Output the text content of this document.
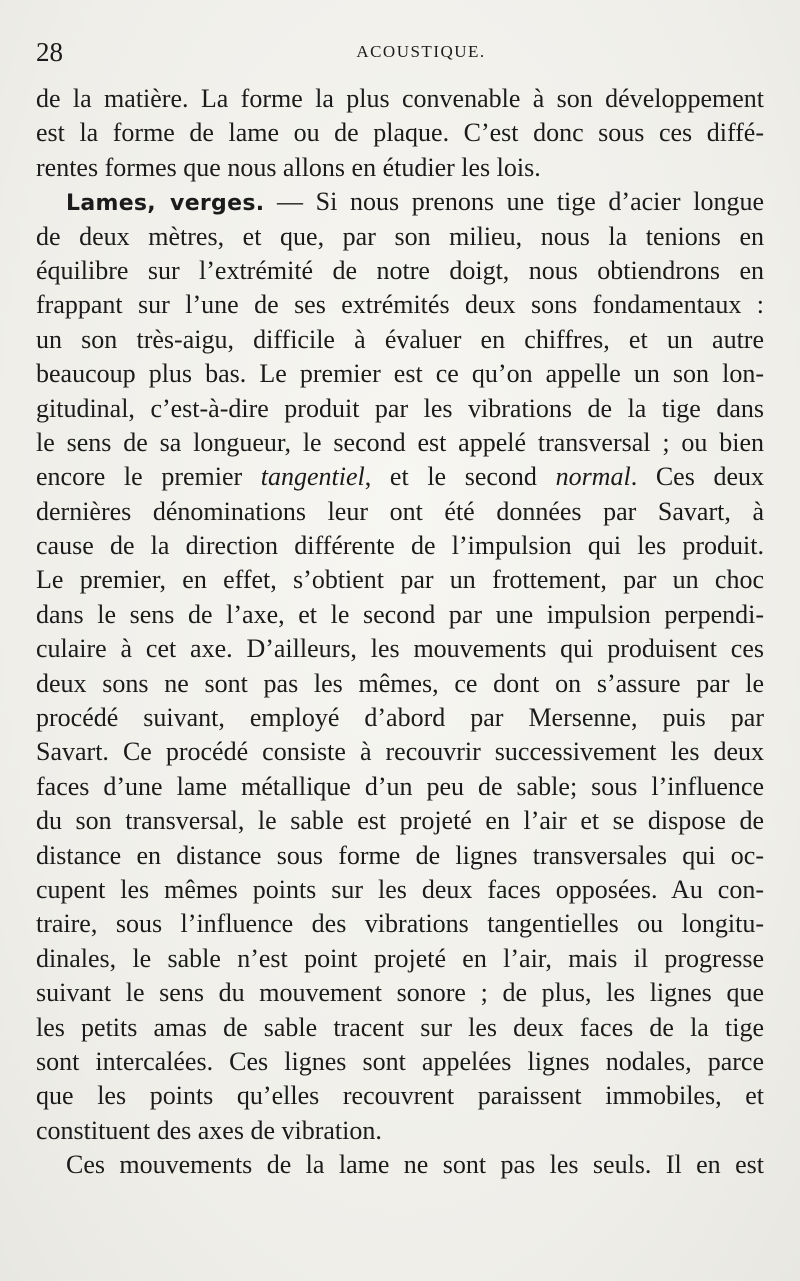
28	ACOUSTIQUE.
de la matière. La forme la plus convenable à son développement
est la forme de lame ou de plaque. C’est donc sous ces diffé-
rentes formes que nous allons en étudier les lois.
Lames, verges. — Si nous prenons une tige d’acier longue
de deux mètres, et que, par son milieu, nous la tenions en
équilibre sur l’extrémité de notre doigt, nous obtiendrons en
frappant sur l’une de ses extrémités deux sons fondamentaux :
un son très-aigu, difficile à évaluer en chiffres, et un autre
beaucoup plus bas. Le premier est ce qu’on appelle un son lon-
gitudinal, c’est-à-dire produit par les vibrations de la tige dans
le sens de sa longueur, le second est appelé transversal ; ou bien
encore le premier tangentiel, et le second normal. Ces deux
dernières dénominations leur ont été données par Savart, à
cause de la direction différente de l’impulsion qui les produit.
Le premier, en effet, s’obtient par un frottement, par un choc
dans le sens de l’axe, et le second par une impulsion perpendi-
culaire à cet axe. D’ailleurs, les mouvements qui produisent ces
deux sons ne sont pas les mêmes, ce dont on s’assure par le
procédé suivant, employé d’abord par Mersenne, puis par
Savart. Ce procédé consiste à recouvrir successivement les deux
faces d’une lame métallique d’un peu de sable; sous l’influence
du son transversal, le sable est projeté en l’air et se dispose de
distance en distance sous forme de lignes transversales qui oc-
cupent les mêmes points sur les deux faces opposées. Au con-
traire, sous l’influence des vibrations tangentielles ou longitu-
dinales, le sable n’est point projeté en l’air, mais il progresse
suivant le sens du mouvement sonore ; de plus, les lignes que
les petits amas de sable tracent sur les deux faces de la tige
sont intercalées. Ces lignes sont appelées lignes nodales, parce
que les points qu’elles recouvrent paraissent immobiles, et
constituent des axes de vibration.
Ces mouvements de la lame ne sont pas les seuls. Il en est
